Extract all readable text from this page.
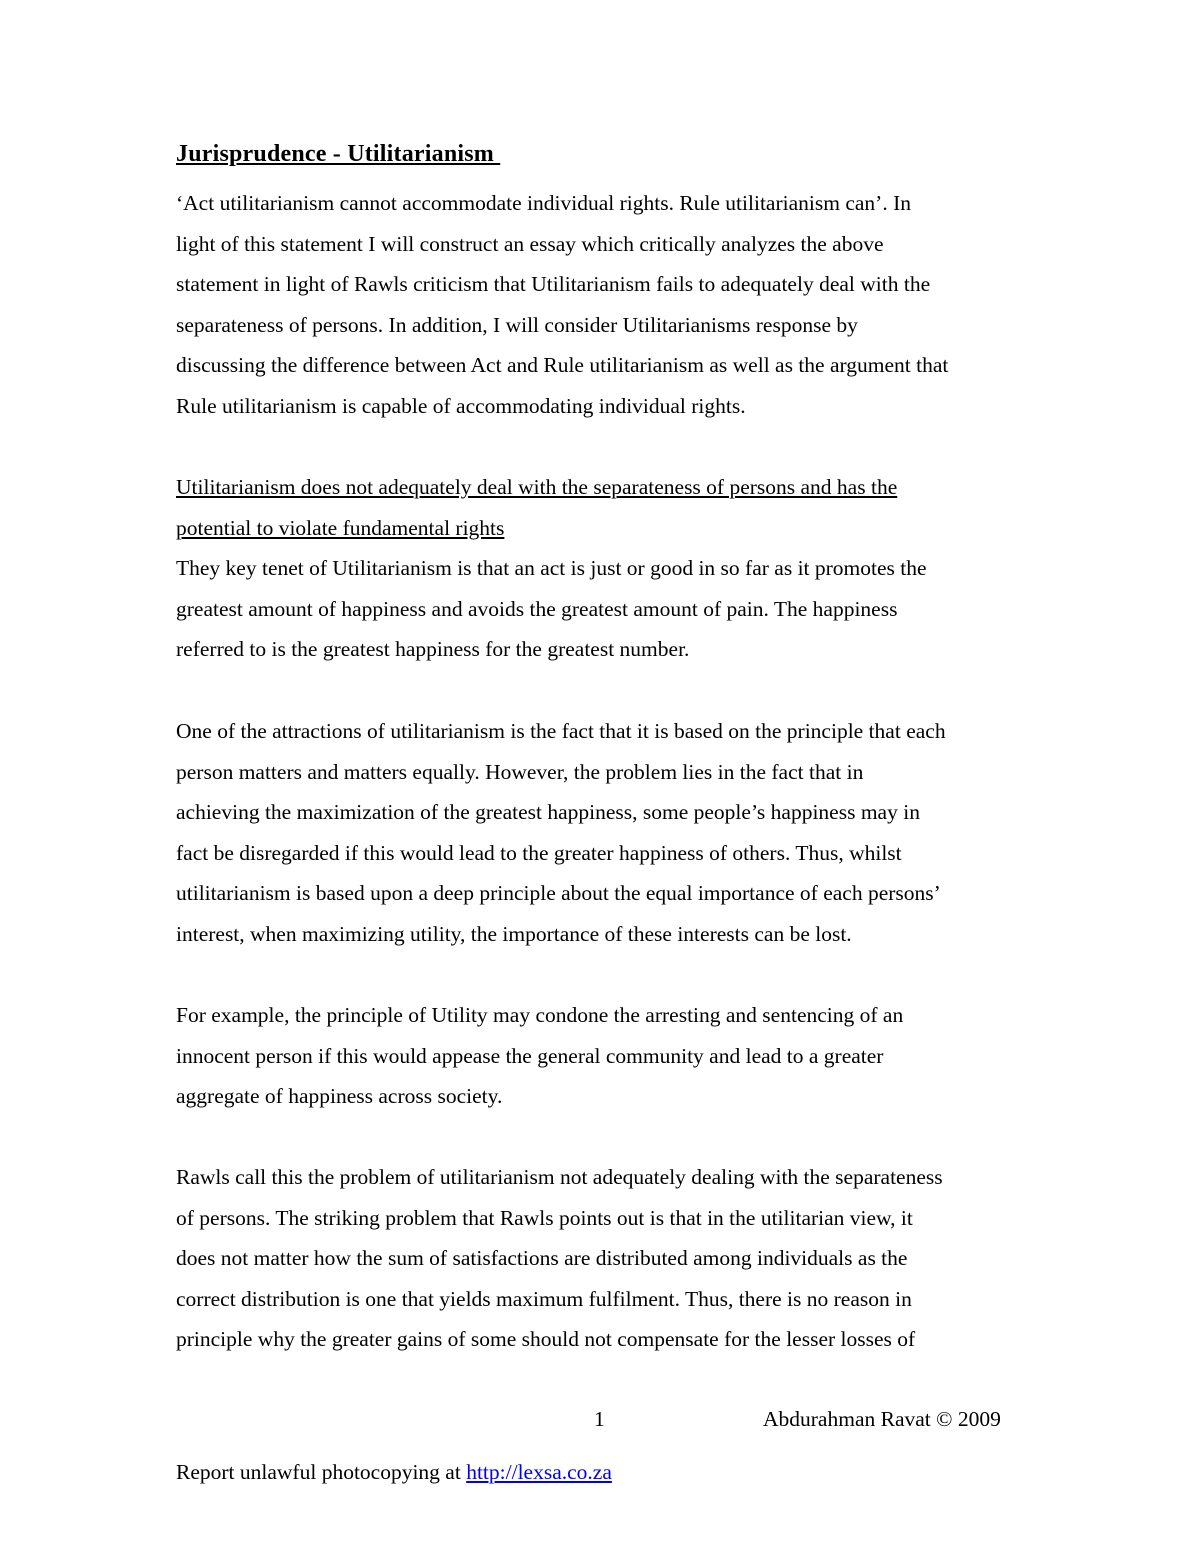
Jurisprudence - Utilitarianism
‘Act utilitarianism cannot accommodate individual rights. Rule utilitarianism can’. In
light of this statement I will construct an essay which critically analyzes the above
statement in light of Rawls criticism that Utilitarianism fails to adequately deal with the
separateness of persons. In addition, I will consider Utilitarianisms response by
discussing the difference between Act and Rule utilitarianism as well as the argument that
Rule utilitarianism is capable of accommodating individual rights.
Utilitarianism does not adequately deal with the separateness of persons and has the
potential to violate fundamental rights
They key tenet of Utilitarianism is that an act is just or good in so far as it promotes the
greatest amount of happiness and avoids the greatest amount of pain. The happiness
referred to is the greatest happiness for the greatest number.
One of the attractions of utilitarianism is the fact that it is based on the principle that each
person matters and matters equally. However, the problem lies in the fact that in
achieving the maximization of the greatest happiness, some people’s happiness may in
fact be disregarded if this would lead to the greater happiness of others. Thus, whilst
utilitarianism is based upon a deep principle about the equal importance of each persons’
interest, when maximizing utility, the importance of these interests can be lost.
For example, the principle of Utility may condone the arresting and sentencing of an
innocent person if this would appease the general community and lead to a greater
aggregate of happiness across society.
Rawls call this the problem of utilitarianism not adequately dealing with the separateness
of persons. The striking problem that Rawls points out is that in the utilitarian view, it
does not matter how the sum of satisfactions are distributed among individuals as the
correct distribution is one that yields maximum fulfilment. Thus, there is no reason in
principle why the greater gains of some should not compensate for the lesser losses of
1	Abdurahman Ravat © 2009
Report unlawful photocopying at http://lexsa.co.za
